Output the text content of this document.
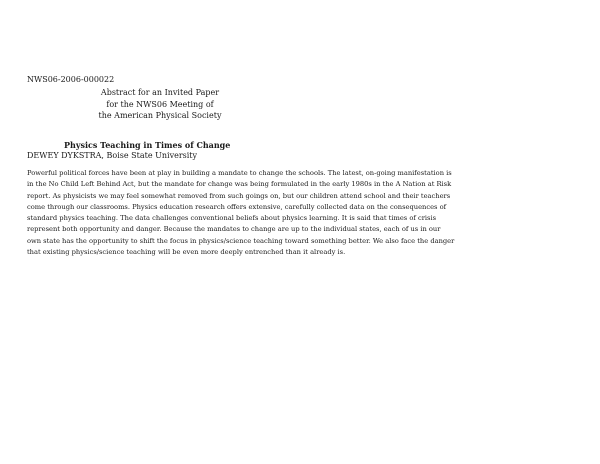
NWS06-2006-000022
Abstract for an Invited Paper
for the NWS06 Meeting of
the American Physical Society
Physics Teaching in Times of Change
DEWEY DYKSTRA, Boise State University
Powerful political forces have been at play in building a mandate to change the schools. The latest, on-going manifestation is
in the No Child Left Behind Act, but the mandate for change was being formulated in the early 1980s in the A Nation at Risk
report. As physicists we may feel somewhat removed from such goings on, but our children attend school and their teachers
come through our classrooms. Physics education research offers extensive, carefully collected data on the consequences of
standard physics teaching. The data challenges conventional beliefs about physics learning. It is said that times of crisis
represent both opportunity and danger. Because the mandates to change are up to the individual states, each of us in our
own state has the opportunity to shift the focus in physics/science teaching toward something better. We also face the danger
that existing physics/science teaching will be even more deeply entrenched than it already is.
